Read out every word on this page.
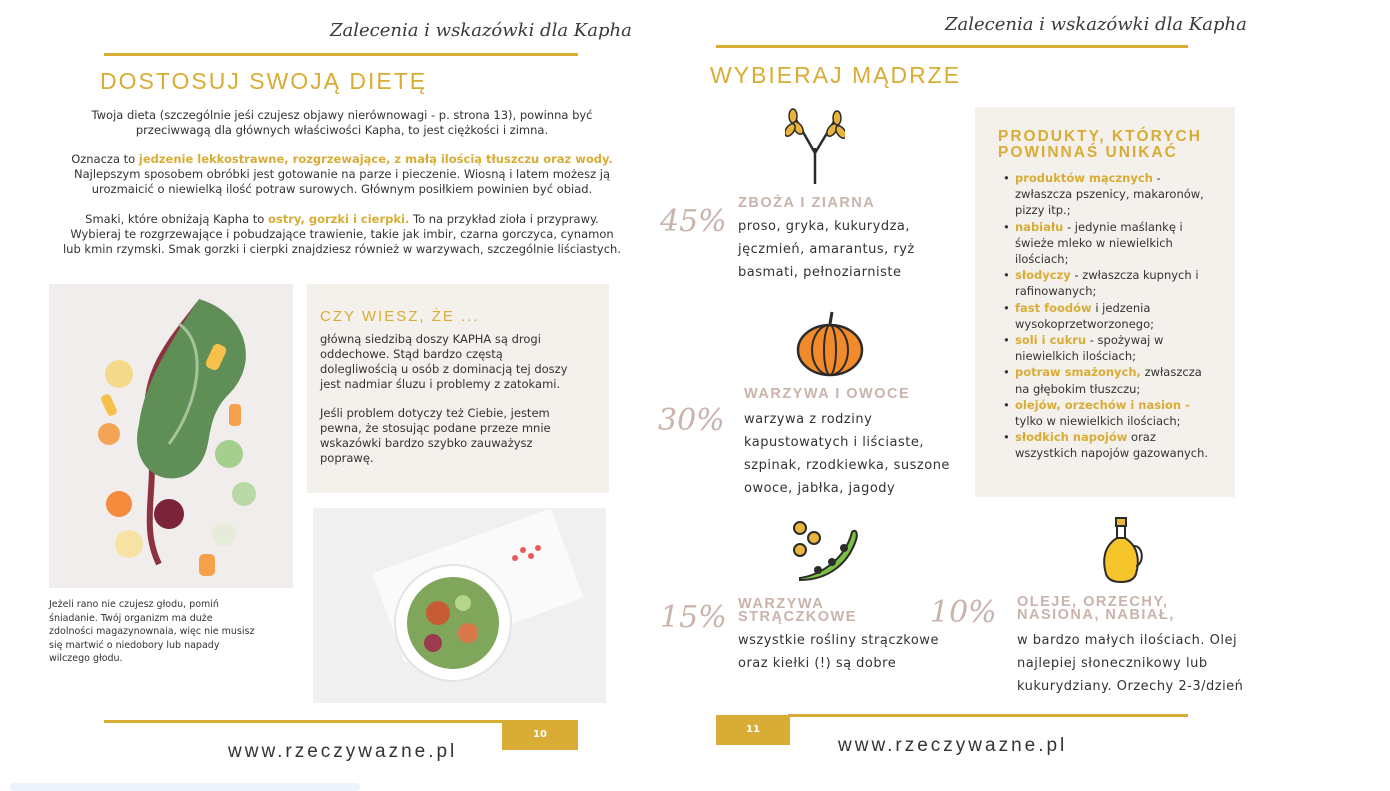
Zalecenia i wskazówki dla Kapha
DOSTOSUJ SWOJĄ DIETĘ
Twoja dieta (szczególnie jeśi czujesz objawy nierównowagi - p. strona 13), powinna być przeciwwagą dla głównych właściwości Kapha, to jest ciężkości i zimna.
Oznacza to jedzenie lekkostrawne, rozgrzewające, z małą ilością tłuszczu oraz wody. Najlepszym sposobem obróbki jest gotowanie na parze i pieczenie. Wiosną i latem możesz ją urozmaicić o niewielką ilość potraw surowych. Głównym posiłkiem powinien być obiad.
Smaki, które obniżają Kapha to ostry, gorzki i cierpki. To na przykład zioła i przyprawy. Wybieraj te rozgrzewające i pobudzające trawienie, takie jak imbir, czarna gorczyca, cynamon lub kmin rzymski. Smak gorzki i cierpki znajdziesz również w warzywach, szczególnie liściastych.
Jeżeli rano nie czujesz głodu, pomiń śniadanie. Twój organizm ma duże zdolności magazynownaia, więc nie musisz się martwić o niedobory lub napady wilczego głodu.
CZY WIESZ, ŻE ...
główną siedzibą doszy KAPHA są drogi oddechowe. Stąd bardzo częstą dolegliwością u osób z dominacją tej doszy jest nadmiar śluzu i problemy z zatokami.
Jeśli problem dotyczy też Ciebie, jestem pewna, że stosując podane przeze mnie wskazówki bardzo szybko zauważysz poprawę.
10
www.rzeczywazne.pl
Zalecenia i wskazówki dla Kapha
WYBIERAJ MĄDRZE
45%
ZBOŻA I ZIARNA
proso, gryka, kukurydza, jęczmień, amarantus, ryż basmati, pełnoziarniste
30%
WARZYWA I OWOCE
warzywa z rodziny kapustowatych i liściaste, szpinak, rzodkiewka, suszone owoce, jabłka, jagody
15% WARZYWA
STRĄCZKOWE
wszystkie rośliny strączkowe oraz kiełki (!) są dobre
10% OLEJE, ORZECHY,
NASIONA, NABIAŁ,
w bardzo małych ilościach. Olej najlepiej słonecznikowy lub kukurydziany. Orzechy 2-3/dzień
PRODUKTY, KTÓRYCH
POWINNAŚ UNIKAĆ
• produktów mącznych - zwłaszcza pszenicy, makaronów, pizzy itp.;
• nabiału - jedynie maślankę i świeże mleko w niewielkich ilościach;
• słodyczy - zwłaszcza kupnych i rafinowanych;
• fast foodów i jedzenia wysokoprzetworzonego;
• soli i cukru - spożywaj w niewielkich ilościach;
• potraw smażonych, zwłaszcza na głębokim tłuszczu;
• olejów, orzechów i nasion - tylko w niewielkich ilościach;
• słodkich napojów oraz wszystkich napojów gazowanych.
11
www.rzeczywazne.pl
